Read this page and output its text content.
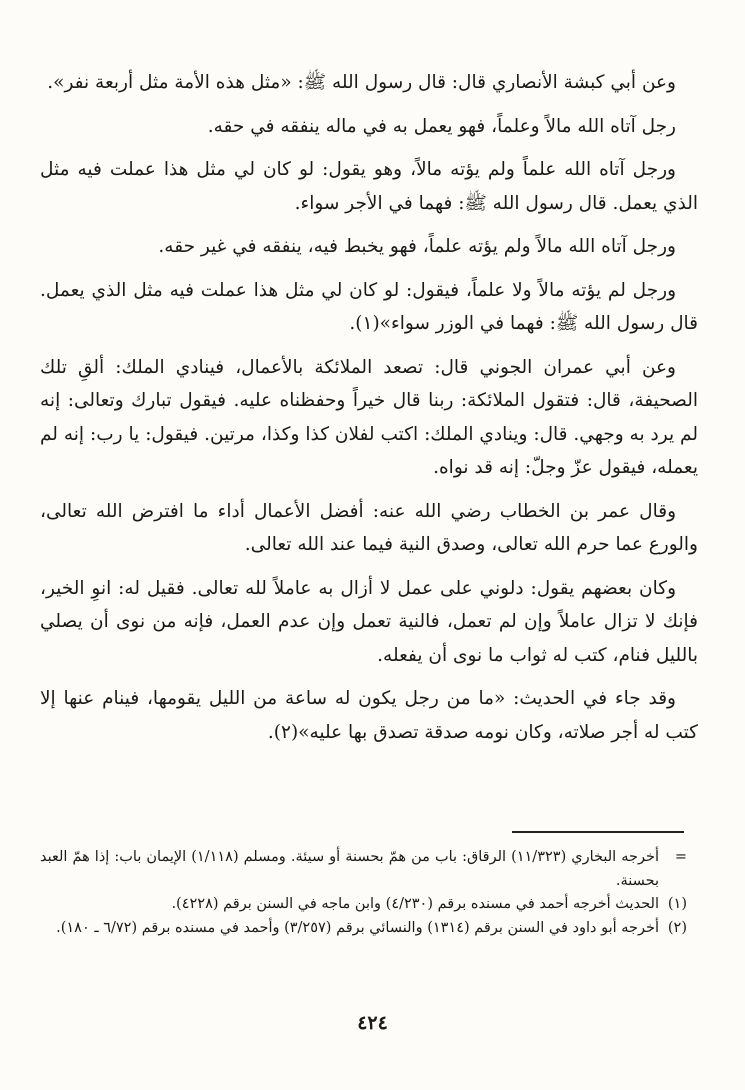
وعن أبي كبشة الأنصاري قال: قال رسول الله ﷺ: «مثل هذه الأمة مثل أربعة نفر».

رجل آتاه الله مالاً وعلماً، فهو يعمل به في ماله ينفقه في حقه.

ورجل آتاه الله علماً ولم يؤته مالاً، وهو يقول: لو كان لي مثل هذا عملت فيه مثل الذي يعمل. قال رسول الله ﷺ: فهما في الأجر سواء.

ورجل آتاه الله مالاً ولم يؤته علماً، فهو يخبط فيه، ينفقه في غير حقه.

ورجل لم يؤته مالاً ولا علماً، فيقول: لو كان لي مثل هذا عملت فيه مثل الذي يعمل. قال رسول الله ﷺ: فهما في الوزر سواء»(١).

وعن أبي عمران الجوني قال: تصعد الملائكة بالأعمال، فينادي الملك: ألقِ تلك الصحيفة، قال: فتقول الملائكة: ربنا قال خيراً وحفظناه عليه. فيقول تبارك وتعالى: إنه لم يرد به وجهي. قال: وينادي الملك: اكتب لفلان كذا وكذا، مرتين. فيقول: يا رب: إنه لم يعمله، فيقول عزّ وجلّ: إنه قد نواه.

وقال عمر بن الخطاب رضي الله عنه: أفضل الأعمال أداء ما افترض الله تعالى، والورع عما حرم الله تعالى، وصدق النية فيما عند الله تعالى.

وكان بعضهم يقول: دلوني على عمل لا أزال به عاملاً لله تعالى. فقيل له: انوِ الخير، فإنك لا تزال عاملاً وإن لم تعمل، فالنية تعمل وإن عدم العمل، فإنه من نوى أن يصلي بالليل فنام، كتب له ثواب ما نوى أن يفعله.

وقد جاء في الحديث: «ما من رجل يكون له ساعة من الليل يقومها، فينام عنها إلا كتب له أجر صلاته، وكان نومه صدقة تصدق بها عليه»(٢).

=
أخرجه البخاري (١١/٣٢٣) الرقاق: باب من همّ بحسنة أو سيئة. ومسلم (١/١١٨) الإيمان باب: إذا همّ العبد بحسنة.
(١)
الحديث أخرجه أحمد في مسنده برقم (٤/٢٣٠) وابن ماجه في السنن برقم (٤٢٢٨).
(٢)
أخرجه أبو داود في السنن برقم (١٣١٤) والنسائي برقم (٣/٢٥٧) وأحمد في مسنده برقم (٦/٧٢ ـ ١٨٠).
٤٢٤
